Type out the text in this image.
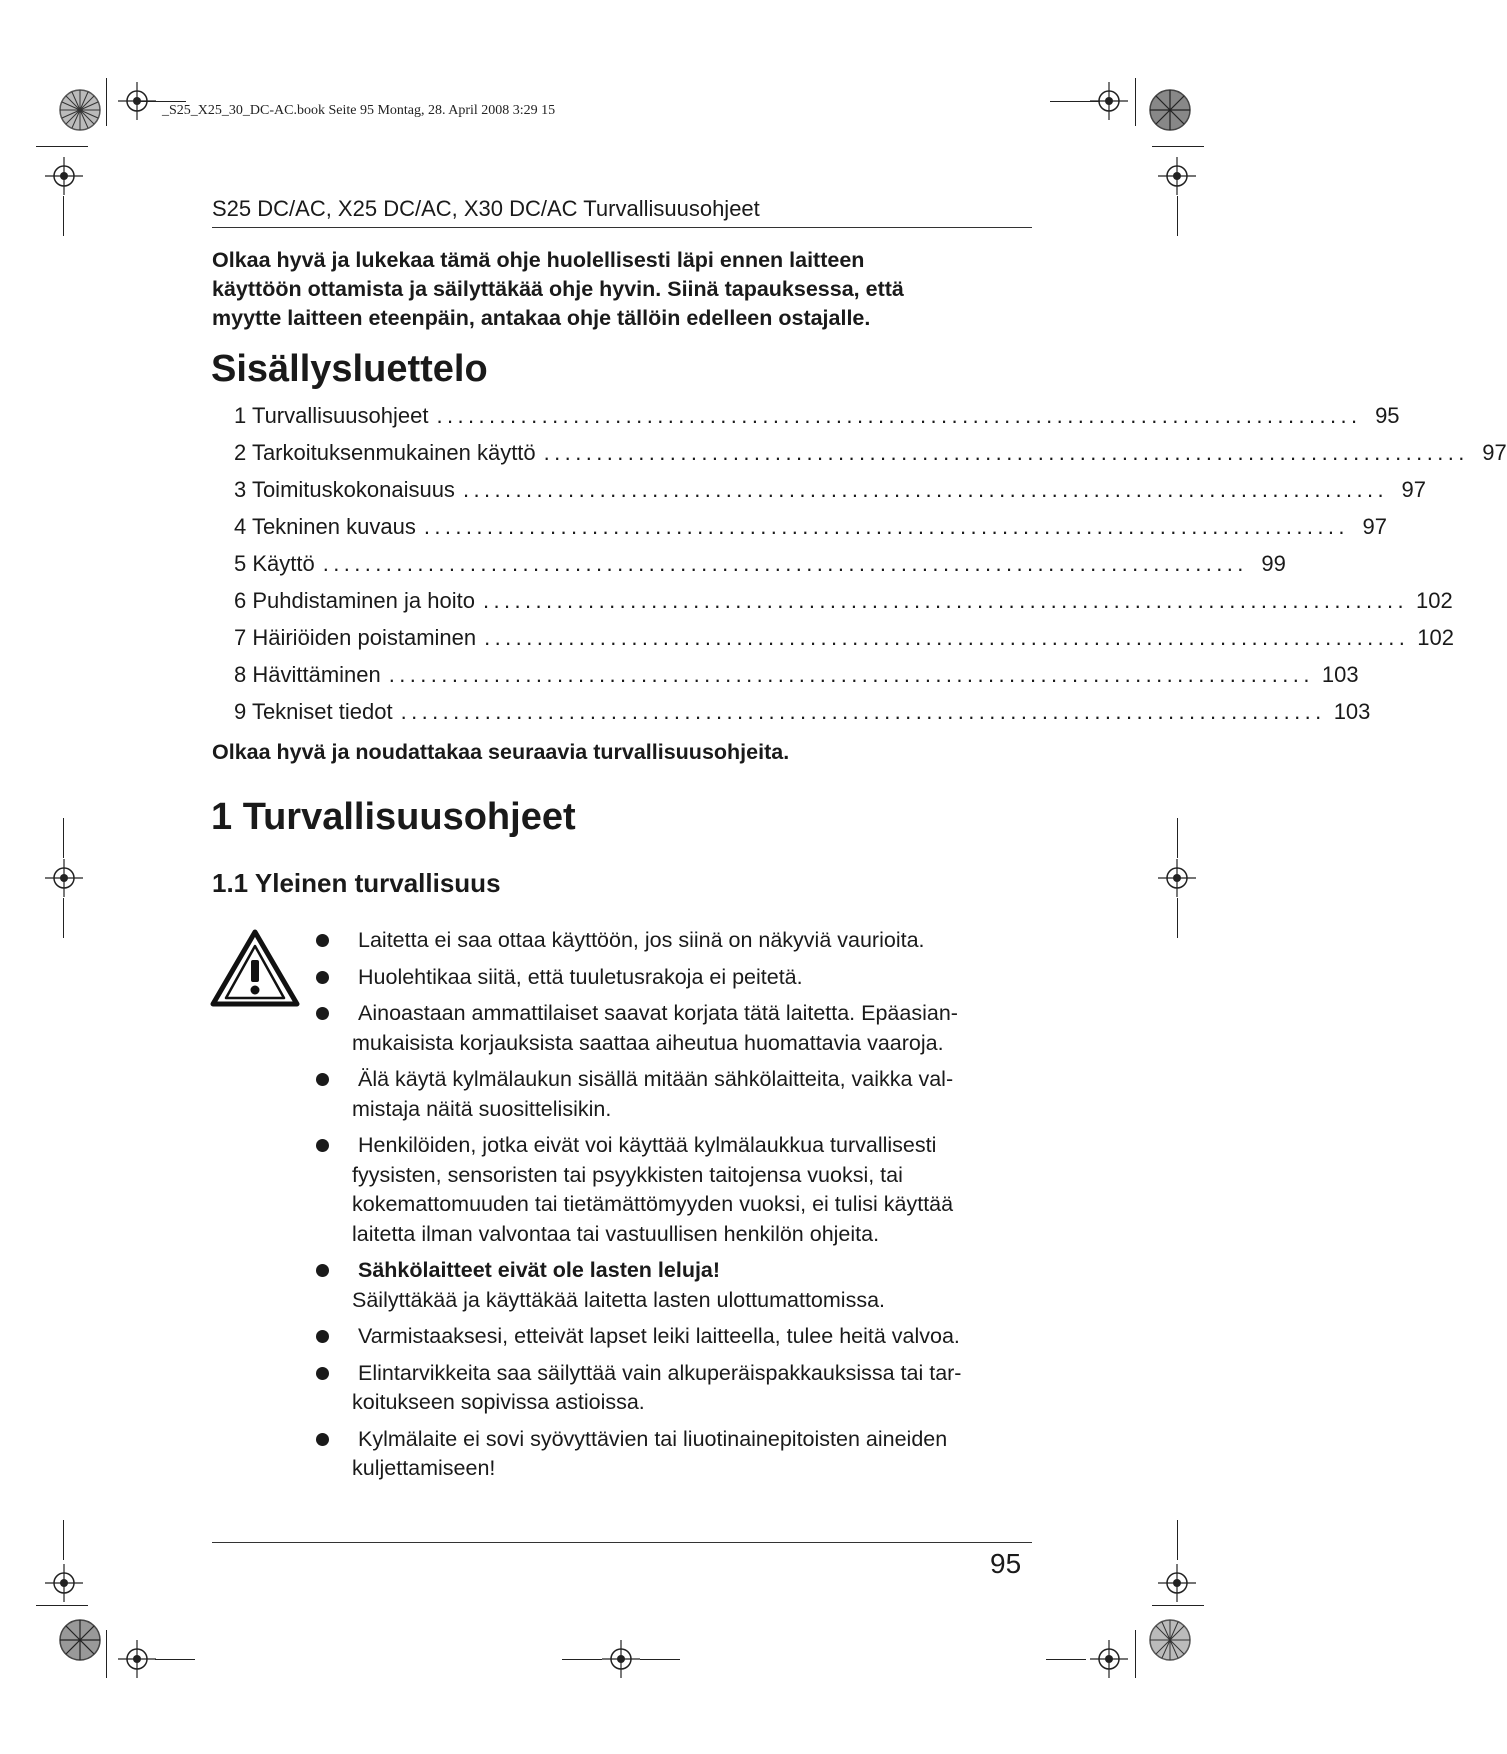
_S25_X25_30_DC-AC.book Seite 95 Montag, 28. April 2008 3:29 15
S25 DC/AC, X25 DC/AC, X30 DC/AC Turvallisuusohjeet
Olkaa hyvä ja lukekaa tämä ohje huolellisesti läpi ennen laitteen
käyttöön ottamista ja säilyttäkää ohje hyvin. Siinä tapauksessa, että
myytte laitteen eteenpäin, antakaa ohje tällöin edelleen ostajalle.
Sisällysluettelo
1 Turvallisuusohjeet ........................................................................................ 95
2 Tarkoituksenmukainen käyttö ........................................................................................ 97
3 Toimituskokonaisuus ........................................................................................ 97
4 Tekninen kuvaus ........................................................................................ 97
5 Käyttö ........................................................................................ 99
6 Puhdistaminen ja hoito ........................................................................................ 102
7 Häiriöiden poistaminen ........................................................................................ 102
8 Hävittäminen ........................................................................................ 103
9 Tekniset tiedot ........................................................................................ 103
Olkaa hyvä ja noudattakaa seuraavia turvallisuusohjeita.
1 Turvallisuusohjeet
1.1 Yleinen turvallisuus
Laitetta ei saa ottaa käyttöön, jos siinä on näkyviä vaurioita.
Huolehtikaa siitä, että tuuletusrakoja ei peitetä.
Ainoastaan ammattilaiset saavat korjata tätä laitetta. Epäasian-
mukaisista korjauksista saattaa aiheutua huomattavia vaaroja.
Älä käytä kylmälaukun sisällä mitään sähkölaitteita, vaikka val-
mistaja näitä suosittelisikin.
Henkilöiden, jotka eivät voi käyttää kylmälaukkua turvallisesti
fyysisten, sensoristen tai psyykkisten taitojensa vuoksi, tai
kokemattomuuden tai tietämättömyyden vuoksi, ei tulisi käyttää
laitetta ilman valvontaa tai vastuullisen henkilön ohjeita.
Sähkölaitteet eivät ole lasten leluja!
Säilyttäkää ja käyttäkää laitetta lasten ulottumattomissa.
Varmistaaksesi, etteivät lapset leiki laitteella, tulee heitä valvoa.
Elintarvikkeita saa säilyttää vain alkuperäispakkauksissa tai tar-
koitukseen sopivissa astioissa.
Kylmälaite ei sovi syövyttävien tai liuotinainepitoisten aineiden
kuljettamiseen!
95
